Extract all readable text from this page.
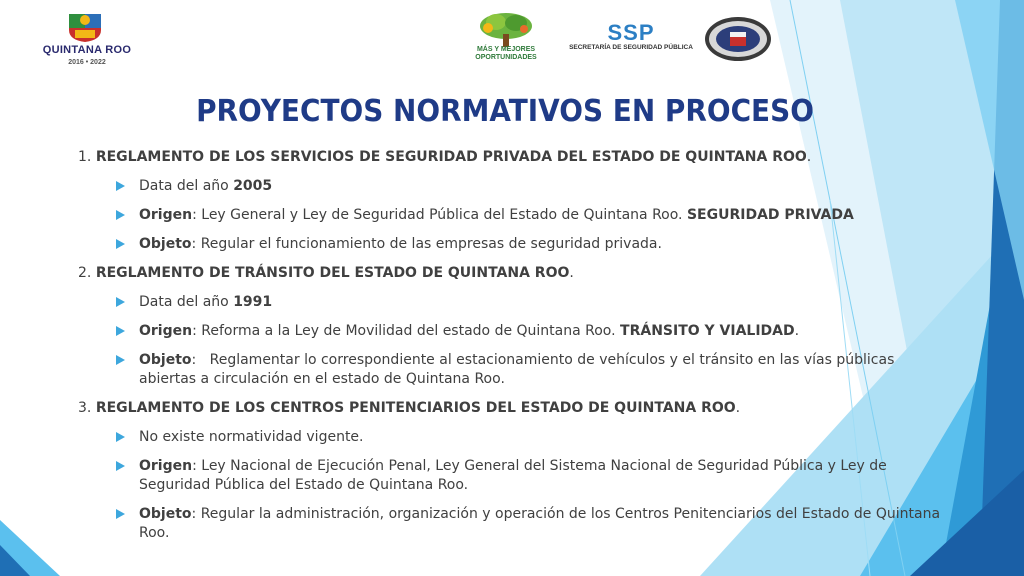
QUINTANA ROO
2016 • 2022
MÁS Y MEJORES OPORTUNIDADES
SSP
SECRETARÍA DE SEGURIDAD PÚBLICA
PROYECTOS NORMATIVOS EN PROCESO

1. REGLAMENTO DE LOS SERVICIOS DE SEGURIDAD PRIVADA DEL ESTADO DE QUINTANA ROO.

Data del año 2005

Origen: Ley General y Ley de Seguridad Pública del Estado de Quintana Roo. SEGURIDAD PRIVADA

Objeto: Regular el funcionamiento de las empresas de seguridad privada.

2. REGLAMENTO DE TRÁNSITO DEL ESTADO DE QUINTANA ROO.

Data del año 1991

Origen: Reforma a la Ley de Movilidad del estado de Quintana Roo. TRÁNSITO Y VIALIDAD.

Objeto:   Reglamentar lo correspondiente al estacionamiento de vehículos y el tránsito en las vías públicas abiertas a circulación en el estado de Quintana Roo.

3. REGLAMENTO DE LOS CENTROS PENITENCIARIOS DEL ESTADO DE QUINTANA ROO.

No existe normatividad vigente.

Origen: Ley Nacional de Ejecución Penal, Ley General del Sistema Nacional de Seguridad Pública y Ley de Seguridad Pública del Estado de Quintana Roo.

Objeto: Regular la administración, organización y operación de los Centros Penitenciarios del Estado de Quintana Roo.
